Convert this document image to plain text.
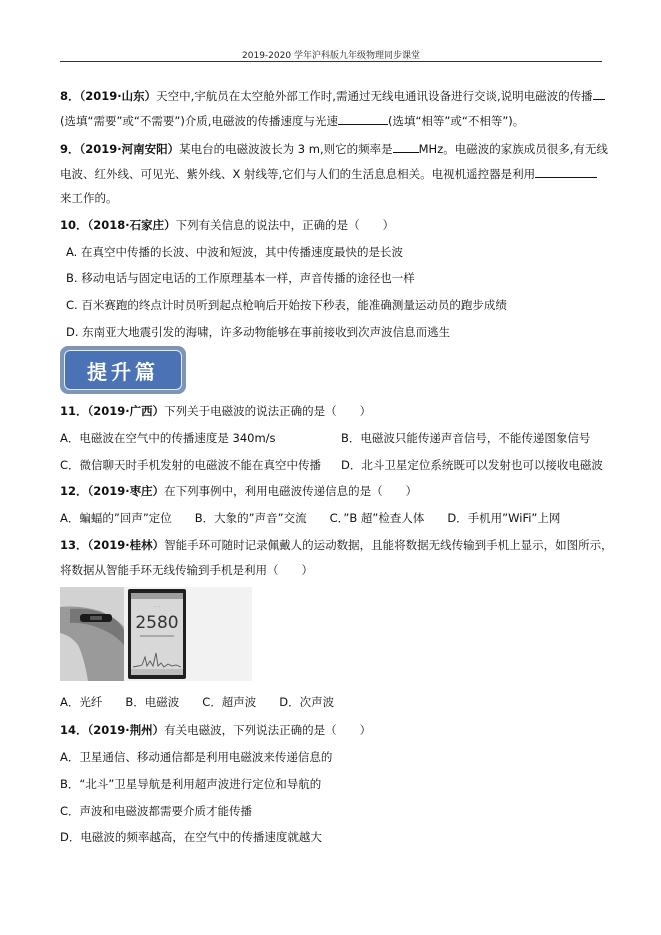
2019-2020 学年沪科版九年级物理同步课堂
8．（2019·山东）天空中,宇航员在太空舱外部工作时,需通过无线电通讯设备进行交谈,说明电磁波的传播
(选填“需要”或“不需要”)介质,电磁波的传播速度与光速	(选填“相等”或“不相等”)。
9．（2019·河南安阳）某电台的电磁波波长为 3 m,则它的频率是 MHz。电磁波的家族成员很多,有无线
电波、红外线、可见光、紫外线、X 射线等,它们与人们的生活息息相关。电视机遥控器是利用
来工作的。
10．（2018·石家庄）下列有关信息的说法中，正确的是（　　）
A. 在真空中传播的长波、中波和短波，其中传播速度最快的是长波
B. 移动电话与固定电话的工作原理基本一样，声音传播的途径也一样
C. 百米赛跑的终点计时员听到起点枪响后开始按下秒表，能准确测量运动员的跑步成绩
D. 东南亚大地震引发的海啸，许多动物能够在事前接收到次声波信息而逃生
提升篇
11．（2019·广西）下列关于电磁波的说法正确的是（　　）
A．电磁波在空气中的传播速度是 340m/s	B．电磁波只能传递声音信号，不能传递图象信号
C．微信聊天时手机发射的电磁波不能在真空中传播 D．北斗卫星定位系统既可以发射也可以接收电磁波
12．（2019·枣庄）在下列事例中，利用电磁波传递信息的是（　　）
A．蝙蝠的”回声”定位　　B．大象的”声音”交流　　C．”B 超”检查人体　　D．手机用”WiFi”上网
13．（2019·桂林）智能手环可随时记录佩戴人的运动数据，且能将数据无线传输到手机上显示，如图所示，
将数据从智能手环无线传输到手机是利用（　　）
· · ·
2580
A．光纤　　B．电磁波　　C．超声波　　D．次声波
14．（2019·荆州）有关电磁波，下列说法正确的是（　　）
A．卫星通信、移动通信都是利用电磁波来传递信息的
B．“北斗”卫星导航是利用超声波进行定位和导航的
C．声波和电磁波都需要介质才能传播
D．电磁波的频率越高，在空气中的传播速度就越大
